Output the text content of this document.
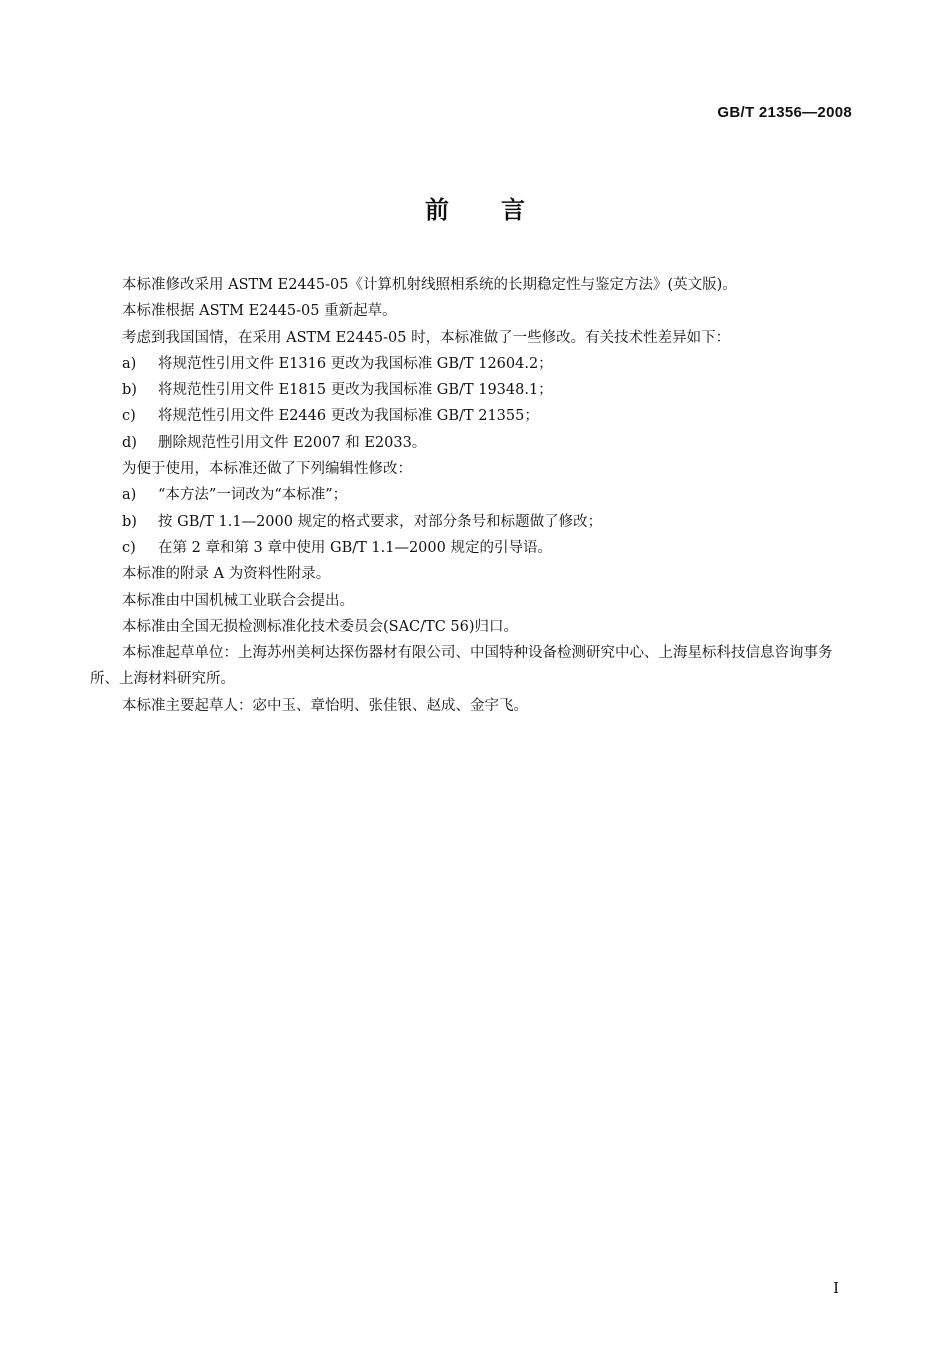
GB/T 21356—2008
前言

本标准修改采用 ASTM E2445-05《计算机射线照相系统的长期稳定性与鉴定方法》(英文版)。

本标准根据 ASTM E2445-05 重新起草。

考虑到我国国情，在采用 ASTM E2445-05 时，本标准做了一些修改。有关技术性差异如下：

a) 将规范性引用文件 E1316 更改为我国标准 GB/T 12604.2；

b) 将规范性引用文件 E1815 更改为我国标准 GB/T 19348.1；

c) 将规范性引用文件 E2446 更改为我国标准 GB/T 21355；

d) 删除规范性引用文件 E2007 和 E2033。

为便于使用，本标准还做了下列编辑性修改：

a) “本方法”一词改为“本标准”；

b) 按 GB/T 1.1—2000 规定的格式要求，对部分条号和标题做了修改；

c) 在第 2 章和第 3 章中使用 GB/T 1.1—2000 规定的引导语。

本标准的附录 A 为资料性附录。

本标准由中国机械工业联合会提出。

本标准由全国无损检测标准化技术委员会(SAC/TC 56)归口。

本标准起草单位：上海苏州美柯达探伤器材有限公司、中国特种设备检测研究中心、上海星标科技信息咨询事务所、上海材料研究所。

本标准主要起草人：宓中玉、章怡明、张佳银、赵成、金宇飞。

I
